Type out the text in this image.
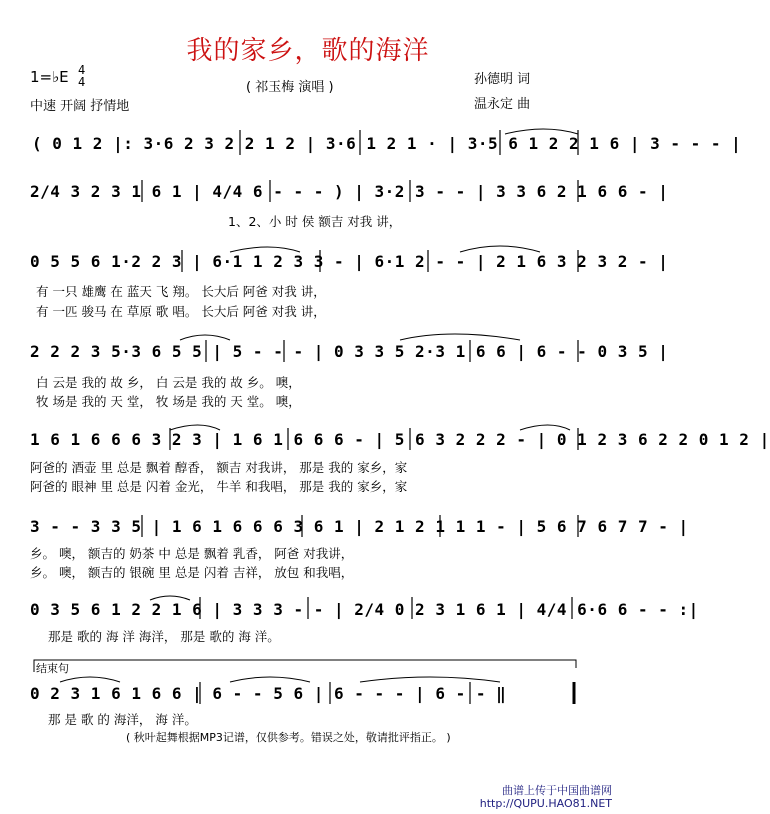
我的家乡，歌的海洋
1=♭E 4
4
中速 开阔 抒情地
( 祁玉梅 演唱 )
孙德明 词
温永定 曲
( 0 1 2 |: 3·6 2 3 2 2 1 2 | 3·6 1 2 1 · | 3·5 6 1 2 2 1 6 | 3 - - - |
2/4 3 2 3 1 6 1 | 4/4 6 - - - ) | 3·2 3 - - | 3 3 6 2 1 6 6 - |
1、2、小 时 侯 额吉 对我 讲，
0 5 5 6 1·2 2 3 | 6·1 1 2 3 3 - | 6·1 2 - - | 2 1 6 3 2 3 2 - |
有 一只 雄鹰 在 蓝天 飞 翔。 长大后 阿爸 对我 讲，
有 一匹 骏马 在 草原 歌 唱。 长大后 阿爸 对我 讲，
2 2 2 3 5·3 6 5 5 | 5 - - - | 0 3 3 5 2·3 1 6 6 | 6 - - 0 3 5 |
白 云是 我的 故 乡， 白 云是 我的 故 乡。 噢，
牧 场是 我的 天 堂， 牧 场是 我的 天 堂。 噢，
1 6 1 6 6 6 3 2 3 | 1 6 1 6 6 6 - | 5 6 3 2 2 2 - | 0 1 2 3 6 2 2 0 1 2 |
阿爸的 酒壶 里 总是 飘着 醇香， 额吉 对我讲， 那是 我的 家乡，家
阿爸的 眼神 里 总是 闪着 金光， 牛羊 和我唱， 那是 我的 家乡，家
3 - - 3 3 5 | 1 6 1 6 6 6 3 6 1 | 2 1 2 1 1 1 - | 5 6 7 6 7 7 - |
乡。 噢， 额吉的 奶茶 中 总是 飘着 乳香， 阿爸 对我讲，
乡。 噢， 额吉的 银碗 里 总是 闪着 吉祥， 放包 和我唱，
0 3 5 6 1 2 2 1 6 | 3 3 3 - - | 2/4 0 2 3 1 6 1 | 4/4 6·6 6 - - :|
那是 歌的 海 洋 海洋， 那是 歌的 海 洋。
结束句
0 2 3 1 6 1 6 6 | 6 - - 5 6 | 6 - - - | 6 - - ‖
那 是 歌 的 海洋， 海 洋。
( 秋叶起舞根据MP3记谱，仅供参考。错误之处，敬请批评指正。 )
曲谱上传于中国曲谱网
http://QUPU.HAO81.NET
